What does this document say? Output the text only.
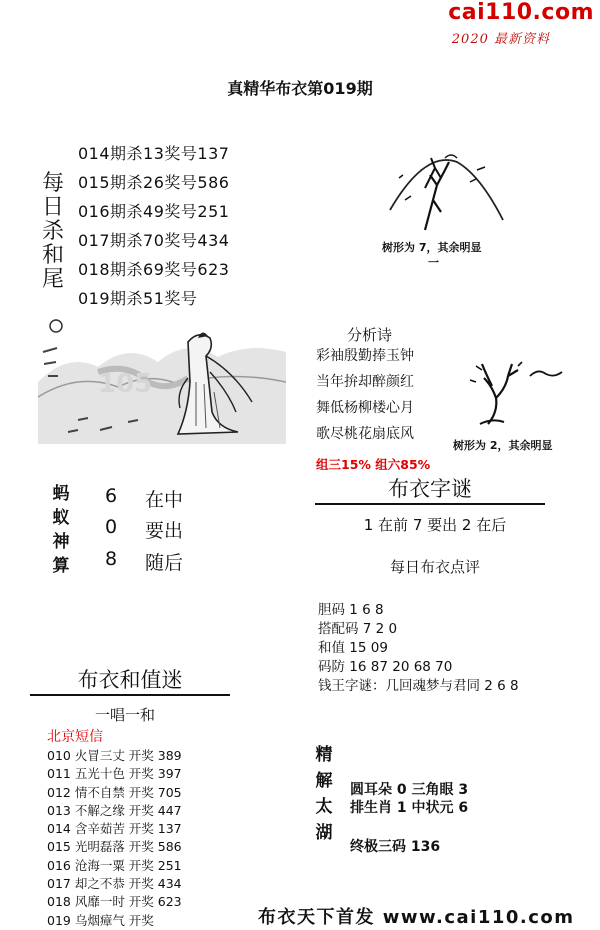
cai110.com
2020 最新资料
真精华布衣第019期
每
日
杀
和
尾
014期杀13奖号137
015期杀26奖号586
016期杀49奖号251
017期杀70奖号434
018期杀69奖号623
019期杀51奖号
树形为 7，其余明显
一
105
分析诗
彩袖殷勤捧玉钟
当年拚却醉颜红
舞低杨柳楼心月
歌尽桃花扇底风
组三15% 组六85%
树形为 2，其余明显
蚂
蚁
神
算
6	在中
0	要出
8	随后
布衣字谜
1 在前 7 要出 2 在后
每日布衣点评
胆码 1 6 8
搭配码 7 2 0
和值 15 09
码防 16 87 20 68 70
钱王字谜：几回魂梦与君同 2 6 8
布衣和值迷
一唱一和
北京短信
010 火冒三丈 开奖 389
011 五光十色 开奖 397
012 情不自禁 开奖 705
013 不解之缘 开奖 447
014 含辛茹苦 开奖 137
015 光明磊落 开奖 586
016 沧海一粟 开奖 251
017 却之不恭 开奖 434
018 风靡一时 开奖 623
019 乌烟瘴气 开奖
精
解
太
湖
圆耳朵 0 三角眼 3
排生肖 1 中状元 6
终极三码 136
布衣天下首发 www.cai110.com
